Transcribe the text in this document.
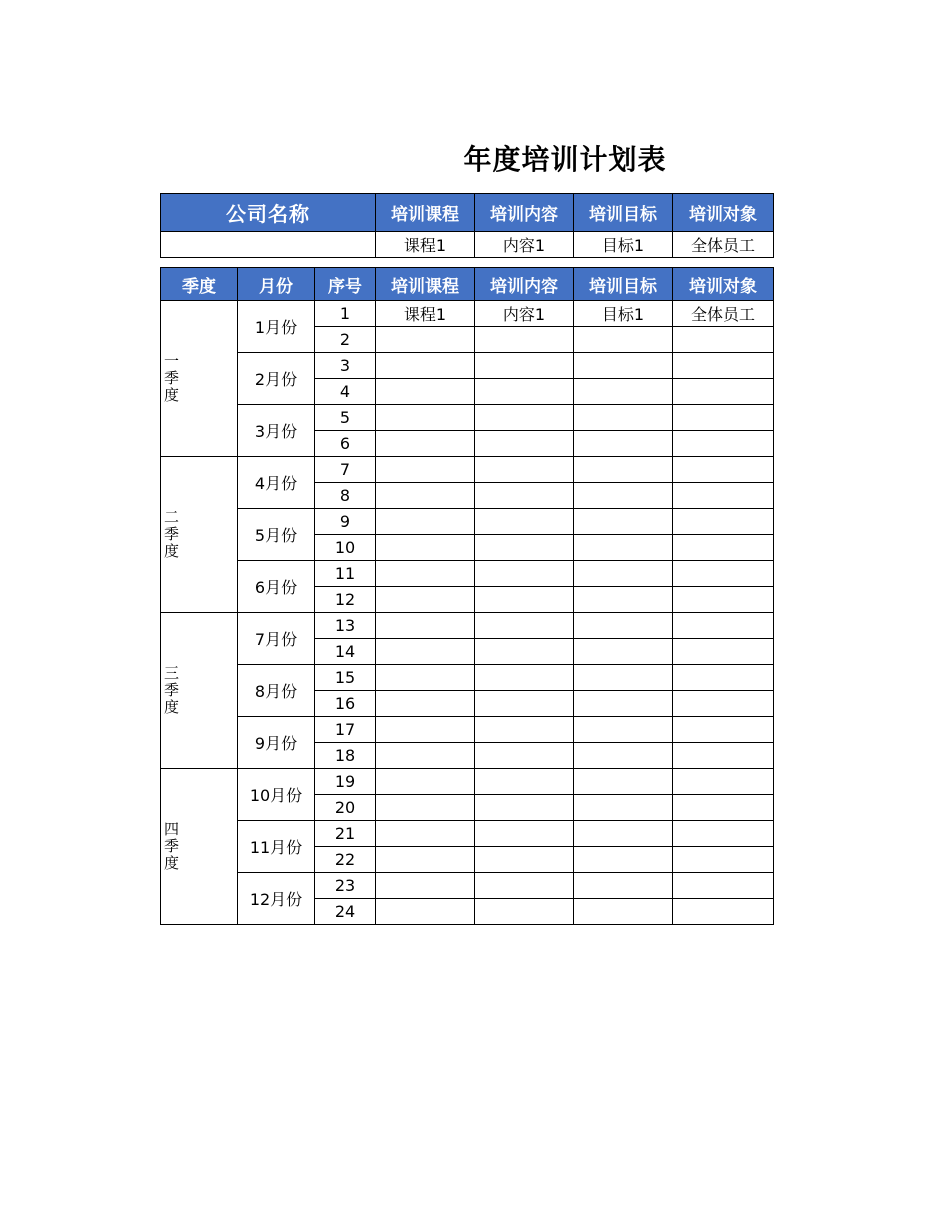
年度培训计划表
公司名称	培训课程	培训内容	培训目标	培训对象
	课程1	内容1	目标1	全体员工
季度	月份	序号	培训课程	培训内容	培训目标	培训对象
一季度	1月份	1	课程1	内容1	目标1	全体员工
		2				
	2月份	3				
		4				
	3月份	5				
		6				
二季度	4月份	7				
		8				
	5月份	9				
		10				
	6月份	11				
		12				
三季度	7月份	13				
		14				
	8月份	15				
		16				
	9月份	17				
		18				
四季度	10月份	19				
		20				
	11月份	21				
		22				
	12月份	23				
		24				
